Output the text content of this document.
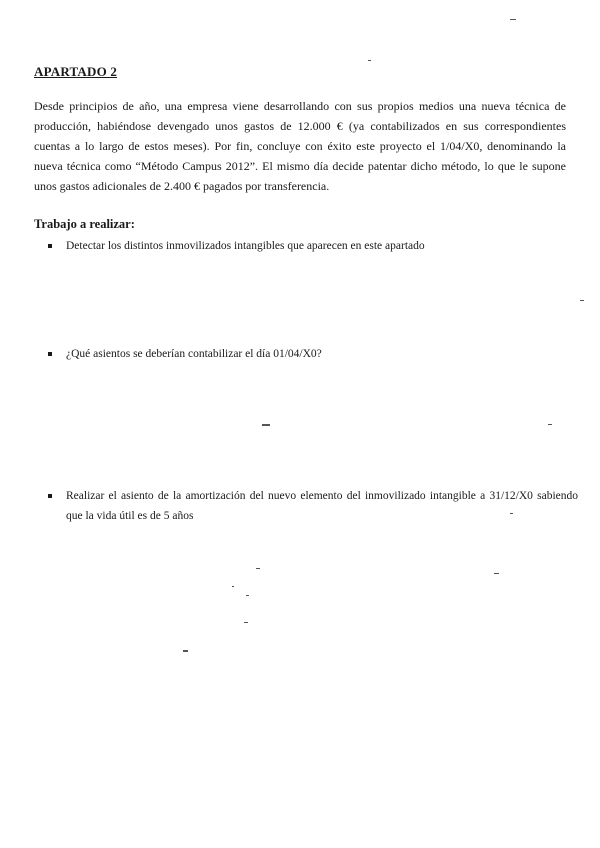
APARTADO 2
Desde principios de año, una empresa viene desarrollando con sus propios medios una nueva técnica de producción, habiéndose devengado unos gastos de 12.000 € (ya contabilizados en sus correspondientes cuentas a lo largo de estos meses). Por fin, concluye con éxito este proyecto el 1/04/X0, denominando la nueva técnica como “Método Campus 2012”. El mismo día decide patentar dicho método, lo que le supone unos gastos adicionales de 2.400 € pagados por transferencia.
Trabajo a realizar:
Detectar los distintos inmovilizados intangibles que aparecen en este apartado
¿Qué asientos se deberían contabilizar el día 01/04/X0?
Realizar el asiento de la amortización del nuevo elemento del inmovilizado intangible a 31/12/X0 sabiendo que la vida útil es de 5 años
